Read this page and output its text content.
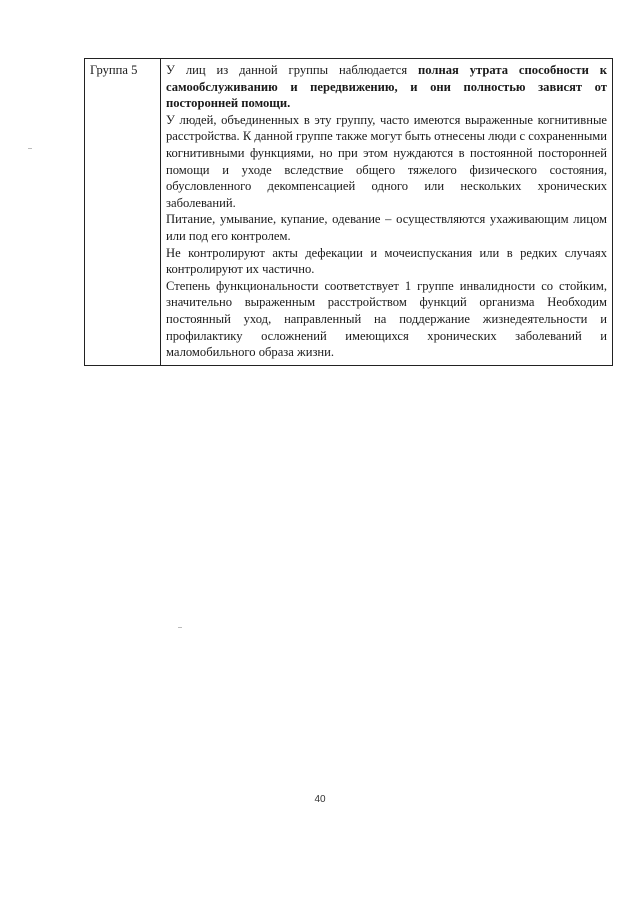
Группа 5	У лиц из данной группы наблюдается полная утрата способности к самообслуживанию и передвижению, и они полностью зависят от посторонней помощи.

У людей, объединенных в эту группу, часто имеются выраженные когнитивные расстройства. К данной группе также могут быть отнесены люди с сохраненными когнитивными функциями, но при этом нуждаются в постоянной посторонней помощи и уходе вследствие общего тяжелого физического состояния, обусловленного декомпенсацией одного или нескольких хронических заболеваний.

Питание, умывание, купание, одевание – осуществляются ухаживающим лицом или под его контролем.

Не контролируют акты дефекации и мочеиспускания или в редких случаях контролируют их частично.

Степень функциональности соответствует 1 группе инвалидности со стойким, значительно выраженным расстройством функций организма Необходим постоянный уход, направленный на поддержание жизнедеятельности и профилактику осложнений имеющихся хронических заболеваний и маломобильного образа жизни.

40
